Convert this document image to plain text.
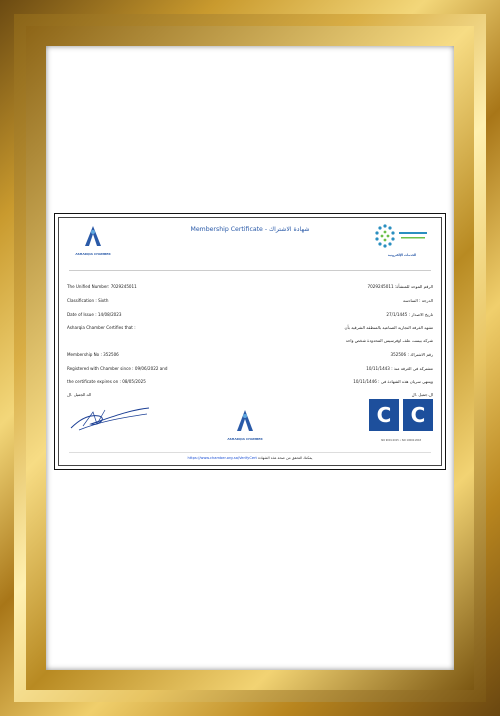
ASHARQIA CHAMBER
Membership Certificate - شهادة الاشتراك
الخدمات الإلكترونية
The Unified Number: 7029245011
Classification : Sixth
Date of Issue : 14/08/2023
Asharqia Chamber Certifies that :
Membership No : 352506
Registered with Chamber since : 09/06/2022 and
the certificate expires on : 08/05/2025
الد.الجميل .ال
الرقم الموحد للمنشأة: 7029245011
الدرجة : السادسة
تاريخ الاصدار : 27/1/1445
تشهد الغرفة التجارية الصناعية بالمنطقة الشرقية بأن
شركة بيست علف اوفرسيس المحدودة شخص واحد
رقم الاشتراك : 352506
مشتركة في الغرفة منذ : 10/11/1443
وينتهي سريان هذه الشهادة في : 10/11/1446
ال.جميل .ال
ASHARQIA CHAMBER
C C
ISO 9001:2015 • ISO 10002:2018
https://www.chamber.org.sa/VerifyCert يمكنك التحقق من صحة هذه الشهادة
